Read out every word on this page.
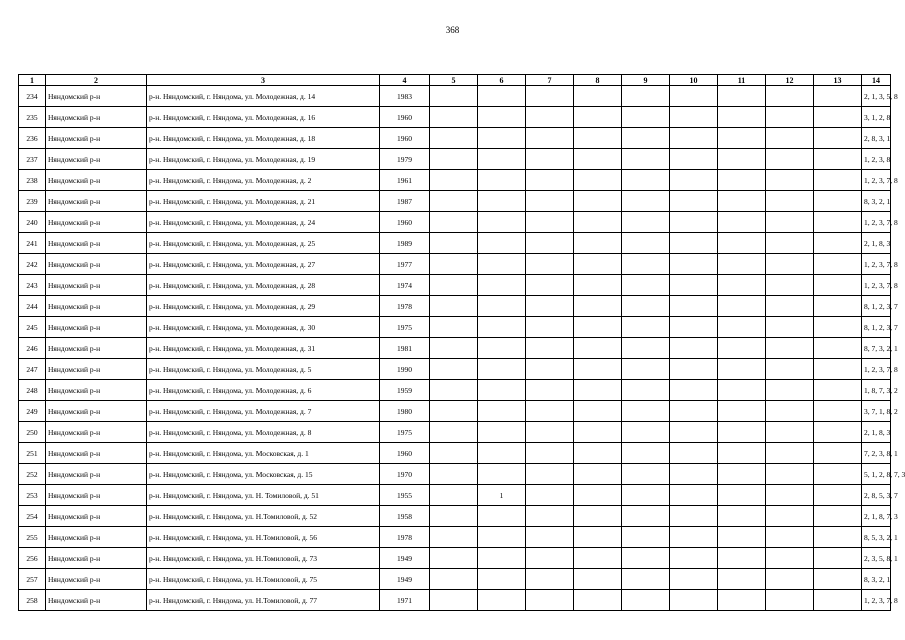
368
1	2	3	4	5	6	7	8	9	10	11	12	13	14
234	Няндомский р-н	р-н. Няндомский, г. Няндома, ул. Молодежная, д. 14	1983										2, 1, 3, 5, 8
235	Няндомский р-н	р-н. Няндомский, г. Няндома, ул. Молодежная, д. 16	1960										3, 1, 2, 8
236	Няндомский р-н	р-н. Няндомский, г. Няндома, ул. Молодежная, д. 18	1960										2, 8, 3, 1
237	Няндомский р-н	р-н. Няндомский, г. Няндома, ул. Молодежная, д. 19	1979										1, 2, 3, 8
238	Няндомский р-н	р-н. Няндомский, г. Няндома, ул. Молодежная, д. 2	1961										1, 2, 3, 7, 8
239	Няндомский р-н	р-н. Няндомский, г. Няндома, ул. Молодежная, д. 21	1987										8, 3, 2, 1
240	Няндомский р-н	р-н. Няндомский, г. Няндома, ул. Молодежная, д. 24	1960										1, 2, 3, 7, 8
241	Няндомский р-н	р-н. Няндомский, г. Няндома, ул. Молодежная, д. 25	1989										2, 1, 8, 3
242	Няндомский р-н	р-н. Няндомский, г. Няндома, ул. Молодежная, д. 27	1977										1, 2, 3, 7, 8
243	Няндомский р-н	р-н. Няндомский, г. Няндома, ул. Молодежная, д. 28	1974										1, 2, 3, 7, 8
244	Няндомский р-н	р-н. Няндомский, г. Няндома, ул. Молодежная, д. 29	1978										8, 1, 2, 3, 7
245	Няндомский р-н	р-н. Няндомский, г. Няндома, ул. Молодежная, д. 30	1975										8, 1, 2, 3, 7
246	Няндомский р-н	р-н. Няндомский, г. Няндома, ул. Молодежная, д. 31	1981										8, 7, 3, 2, 1
247	Няндомский р-н	р-н. Няндомский, г. Няндома, ул. Молодежная, д. 5	1990										1, 2, 3, 7, 8
248	Няндомский р-н	р-н. Няндомский, г. Няндома, ул. Молодежная, д. 6	1959										1, 8, 7, 3, 2
249	Няндомский р-н	р-н. Няндомский, г. Няндома, ул. Молодежная, д. 7	1980										3, 7, 1, 8, 2
250	Няндомский р-н	р-н. Няндомский, г. Няндома, ул. Молодежная, д. 8	1975										2, 1, 8, 3
251	Няндомский р-н	р-н. Няндомский, г. Няндома, ул. Московская, д. 1	1960										7, 2, 3, 8, 1
252	Няндомский р-н	р-н. Няндомский, г. Няндома, ул. Московская, д. 15	1970										5, 1, 2, 8, 7, 3
253	Няндомский р-н	р-н. Няндомский, г. Няндома, ул. Н. Томиловой, д. 51	1955		1								2, 8, 5, 3, 7
254	Няндомский р-н	р-н. Няндомский, г. Няндома, ул. Н.Томиловой, д. 52	1958										2, 1, 8, 7, 3
255	Няндомский р-н	р-н. Няндомский, г. Няндома, ул. Н.Томиловой, д. 56	1978										8, 5, 3, 2, 1
256	Няндомский р-н	р-н. Няндомский, г. Няндома, ул. Н.Томиловой, д. 73	1949										2, 3, 5, 8, 1
257	Няндомский р-н	р-н. Няндомский, г. Няндома, ул. Н.Томиловой, д. 75	1949										8, 3, 2, 1
258	Няндомский р-н	р-н. Няндомский, г. Няндома, ул. Н.Томиловой, д. 77	1971										1, 2, 3, 7, 8
